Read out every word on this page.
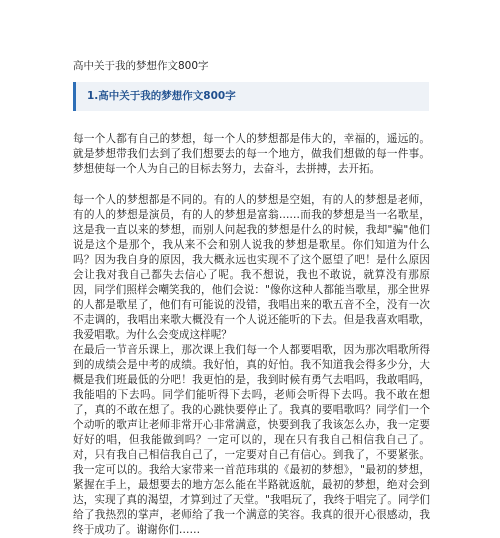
高中关于我的梦想作文800字
1.高中关于我的梦想作文800字

每一个人都有自己的梦想，每一个人的梦想都是伟大的，幸福的，遥远的。就是梦想带我们去到了我们想要去的每一个地方，做我们想做的每一件事。梦想使每一个人为自己的目标去努力，去奋斗，去拼搏，去开拓。

每一个人的梦想都是不同的。有的人的梦想是空姐，有的人的梦想是老师，有的人的梦想是演员，有的人的梦想是富翁……而我的梦想是当一名歌星，这是我一直以来的梦想，而别人问起我的梦想是什么的时候，我却"骗"他们说是这个是那个，我从来不会和别人说我的梦想是歌星。你们知道为什么吗？因为我自身的原因，我大概永远也实现不了这个愿望了吧！是什么原因会让我对我自己都失去信心了呢。我不想说，我也不敢说，就算没有那原因，同学们照样会嘲笑我的，他们会说："像你这种人都能当歌星，那全世界的人都是歌星了，他们有可能说的没错，我唱出来的歌五音不全，没有一次不走调的，我唱出来歌大概没有一个人说还能听的下去。但是我喜欢唱歌，我爱唱歌。为什么会变成这样呢？

在最后一节音乐课上，那次课上我们每一个人都要唱歌，因为那次唱歌所得到的成绩会是中考的成绩。我好怕，真的好怕。我不知道我会得多少分，大概是我们班最低的分吧！我更怕的是，我到时候有勇气去唱吗，我敢唱吗，我能唱的下去吗。同学们能听得下去吗，老师会听得下去吗。我不敢在想了，真的不敢在想了。我的心跳快要停止了。我真的要唱歌吗？同学们一个个动听的歌声让老师非常开心非常满意，快要到我了我该怎么办，我一定要好好的唱，但我能做到吗？一定可以的，现在只有我自己相信我自己了。对，只有我自己相信我自己了，一定要对自己有信心。到我了，不要紧张。我一定可以的。我给大家带来一首范玮琪的《最初的梦想》，"最初的梦想，紧握在手上，最想要去的地方怎么能在半路就返航，最初的梦想，绝对会到达，实现了真的渴望，才算到过了天堂。"我唱玩了，我终于唱完了。同学们给了我热烈的掌声，老师给了我一个满意的笑容。我真的很开心很感动，我终于成功了。谢谢你们……
